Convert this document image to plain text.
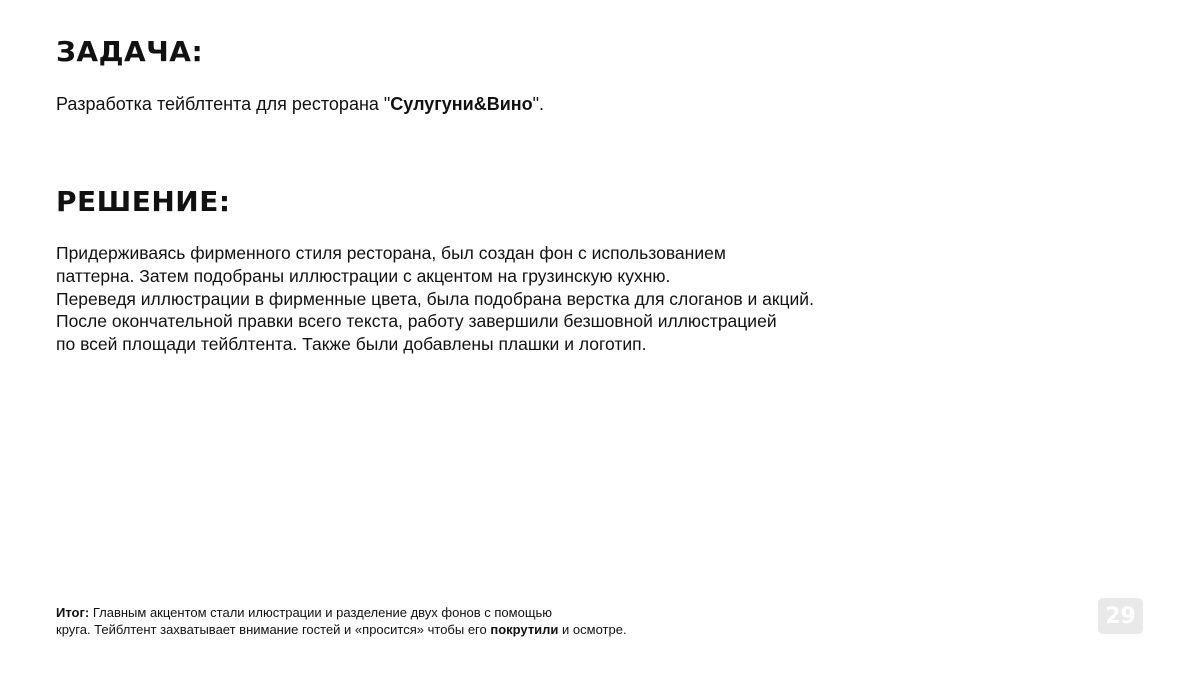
ЗАДАЧА:

Разработка тейблтента для ресторана "Сулугуни&Вино".

РЕШЕНИЕ:

Придерживаясь фирменного стиля ресторана, был создан фон с использованием
паттерна. Затем подобраны иллюстрации с акцентом на грузинскую кухню.
Переведя иллюстрации в фирменные цвета, была подобрана верстка для слоганов и акций.
После окончательной правки всего текста, работу завершили безшовной иллюстрацией
по всей площади тейблтента. Также были добавлены плашки и логотип.

Итог: Главным акцентом стали илюстрации и разделение двух фонов с помощью
круга. Тейблтент захватывает внимание гостей и «просится» чтобы его покрутили и осмотре.

29
